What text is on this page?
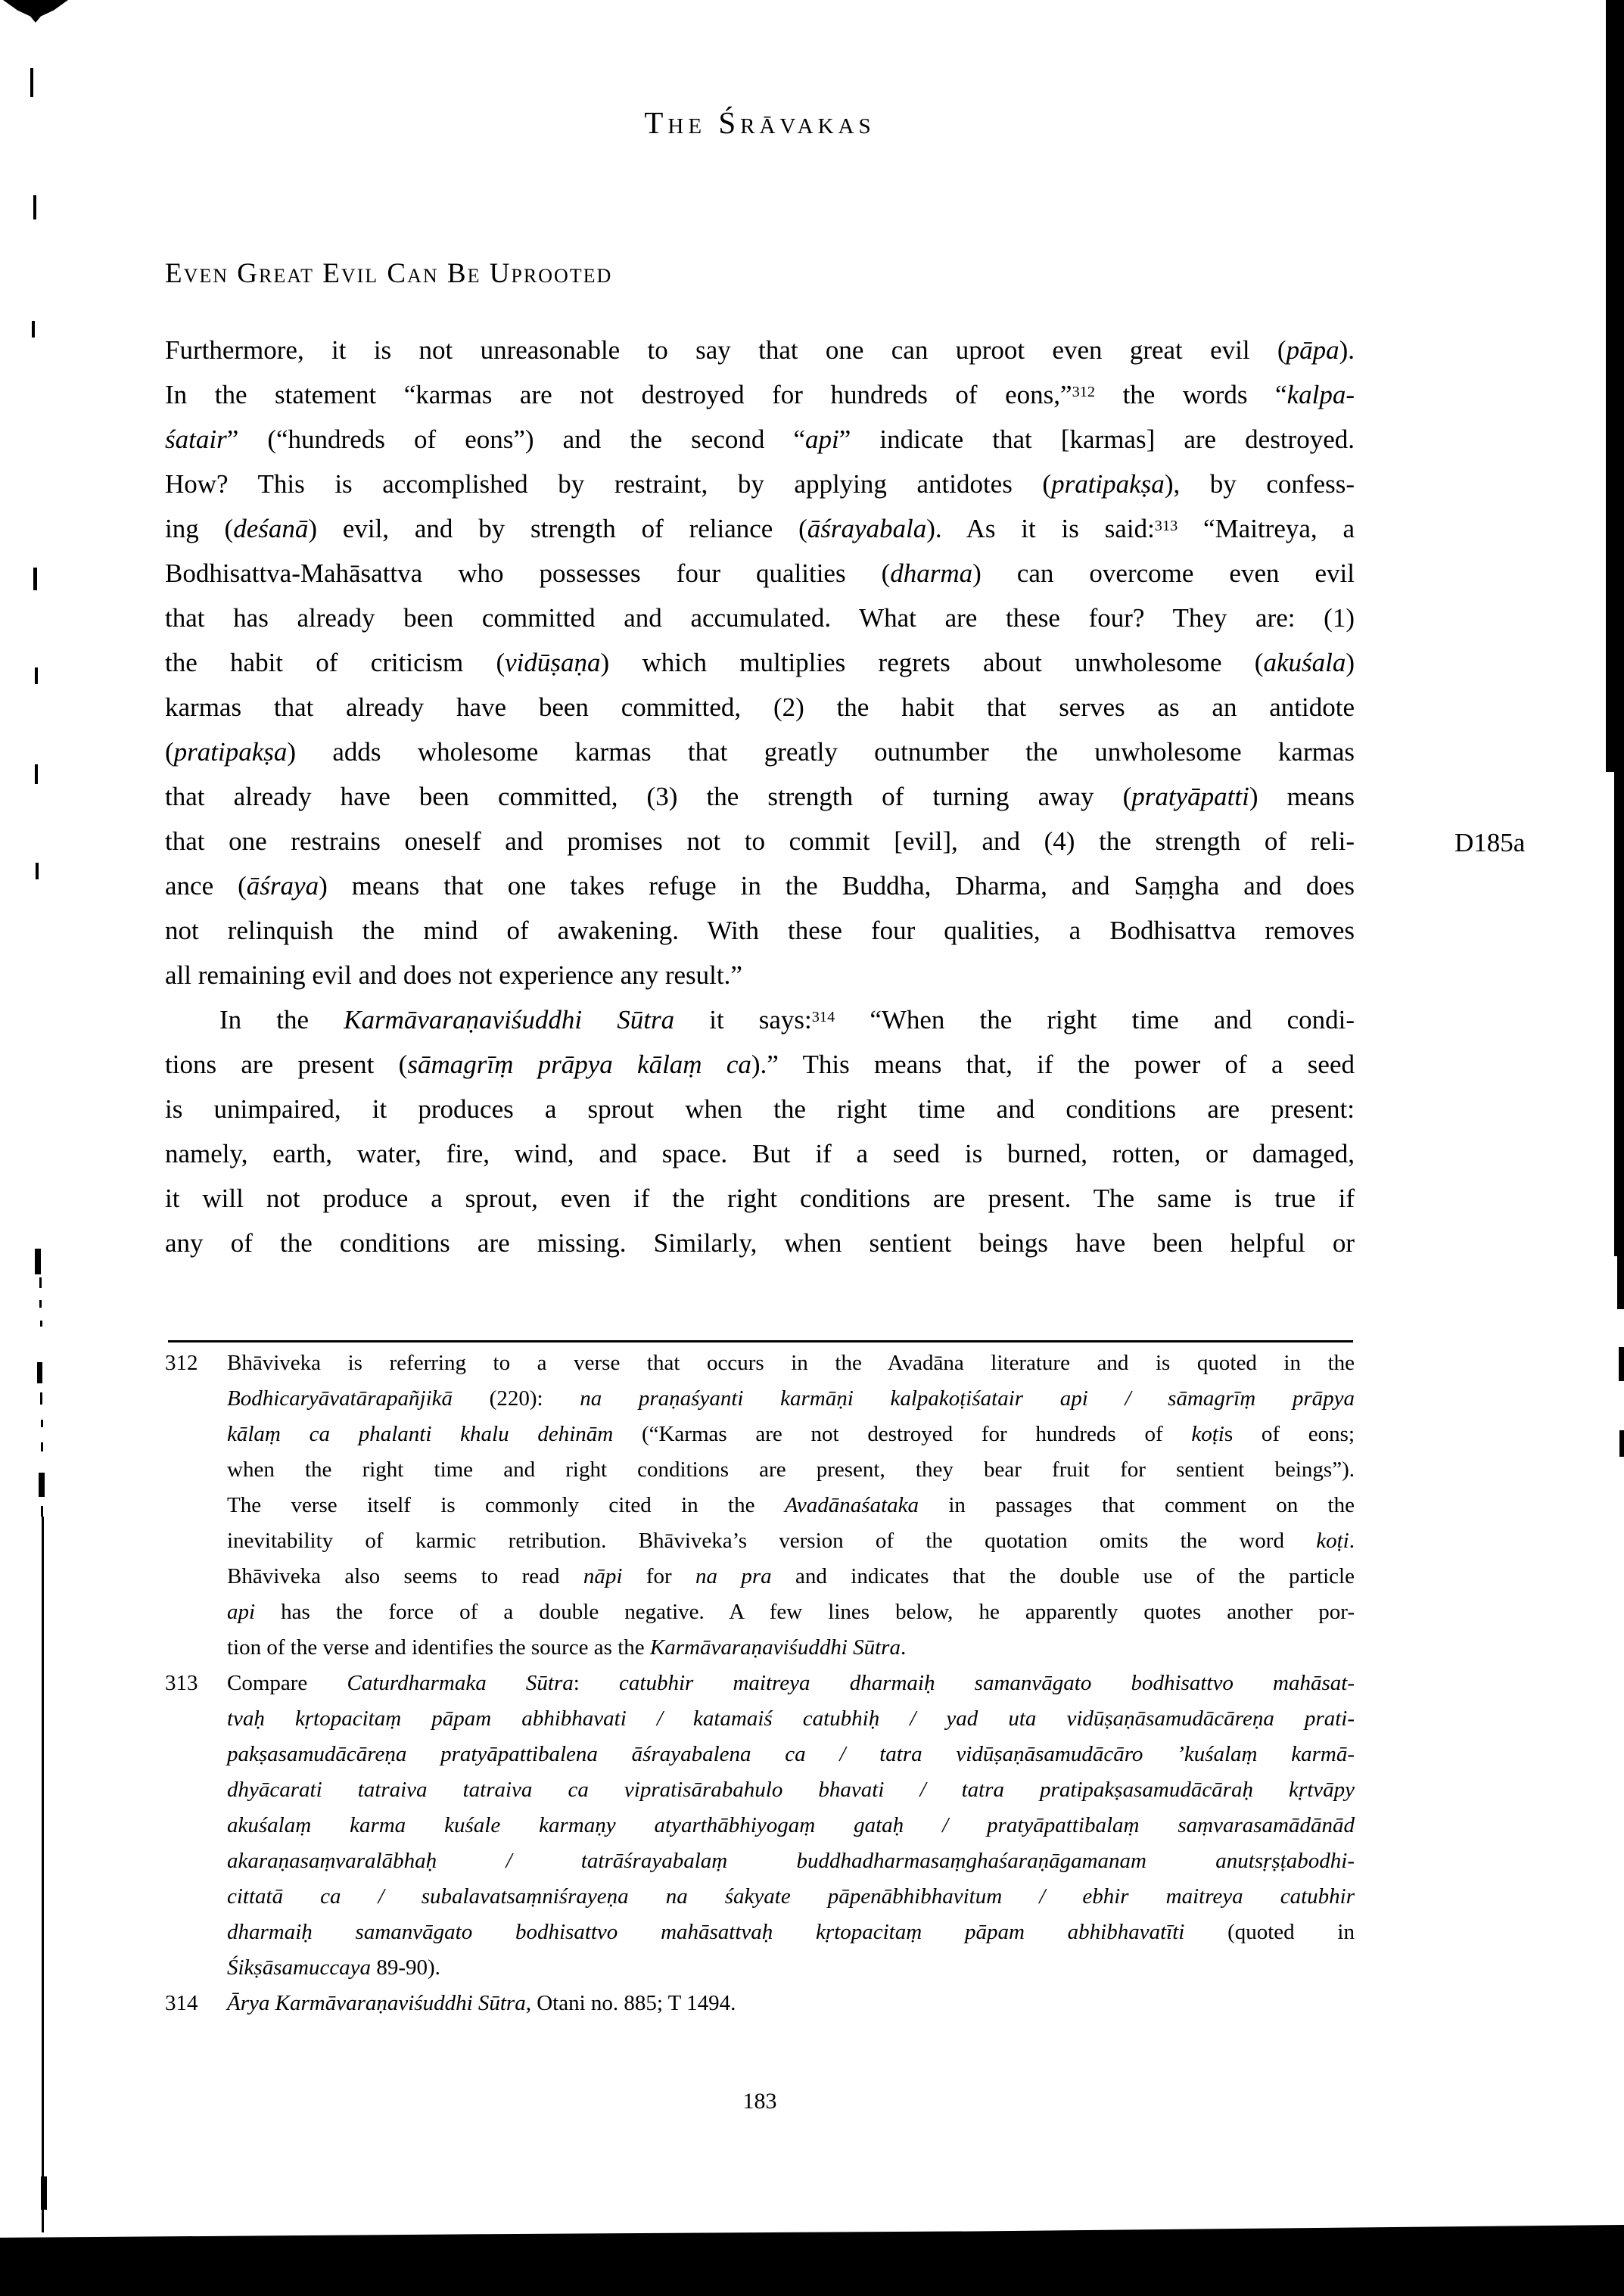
The Śrāvakas
Even Great Evil Can Be Uprooted
Furthermore, it is not unreasonable to say that one can uproot even great evil (pāpa).
In the statement “karmas are not destroyed for hundreds of eons,”$^{312}$ the words “kalpa-
śatair” (“hundreds of eons”) and the second “api” indicate that [karmas] are destroyed.
How? This is accomplished by restraint, by applying antidotes (pratipakṣa), by confess-
ing (deśanā) evil, and by strength of reliance (āśrayabala). As it is said:$^{313}$ “Maitreya, a
Bodhisattva-Mahāsattva who possesses four qualities (dharma) can overcome even evil
that has already been committed and accumulated. What are these four? They are: (1)
the habit of criticism (vidūṣaṇa) which multiplies regrets about unwholesome (akuśala)
karmas that already have been committed, (2) the habit that serves as an antidote
(pratipakṣa) adds wholesome karmas that greatly outnumber the unwholesome karmas
that already have been committed, (3) the strength of turning away (pratyāpatti) means
that one restrains oneself and promises not to commit [evil], and (4) the strength of reli-
ance (āśraya) means that one takes refuge in the Buddha, Dharma, and Saṃgha and does
not relinquish the mind of awakening. With these four qualities, a Bodhisattva removes
all remaining evil and does not experience any result.”
In the Karmāvaraṇaviśuddhi Sūtra it says:$^{314}$ “When the right time and condi-
tions are present (sāmagrīṃ prāpya kālaṃ ca).” This means that, if the power of a seed
is unimpaired, it produces a sprout when the right time and conditions are present:
namely, earth, water, fire, wind, and space. But if a seed is burned, rotten, or damaged,
it will not produce a sprout, even if the right conditions are present. The same is true if
any of the conditions are missing. Similarly, when sentient beings have been helpful or
D185a
312 Bhāviveka is referring to a verse that occurs in the Avadāna literature and is quoted in the
Bodhicaryāvatārapañjikā (220): na praṇaśyanti karmāṇi kalpakoṭiśatair api / sāmagrīṃ prāpya
kālaṃ ca phalanti khalu dehinām (“Karmas are not destroyed for hundreds of koṭis of eons;
when the right time and right conditions are present, they bear fruit for sentient beings”).
The verse itself is commonly cited in the Avadānaśataka in passages that comment on the
inevitability of karmic retribution. Bhāviveka’s version of the quotation omits the word koṭi.
Bhāviveka also seems to read nāpi for na pra and indicates that the double use of the particle
api has the force of a double negative. A few lines below, he apparently quotes another por-
tion of the verse and identifies the source as the Karmāvaraṇaviśuddhi Sūtra.
313 Compare Caturdharmaka Sūtra: catubhir maitreya dharmaiḥ samanvāgato bodhisattvo mahāsat-
tvaḥ kṛtopacitaṃ pāpam abhibhavati / katamaiś catubhiḥ / yad uta vidūṣaṇāsamudācāreṇa prati-
pakṣasamudācāreṇa pratyāpattibalena āśrayabalena ca / tatra vidūṣaṇāsamudācāro ’kuśalaṃ karmā-
dhyācarati tatraiva tatraiva ca vipratisārabahulo bhavati / tatra pratipakṣasamudācāraḥ kṛtvāpy
akuśalaṃ karma kuśale karmaṇy atyarthābhiyogaṃ gataḥ / pratyāpattibalaṃ saṃvarasamādānād
akaraṇasaṃvaralābhaḥ / tatrāśrayabalaṃ buddhadharmasaṃghaśaraṇāgamanam anutsṛṣṭabodhi-
cittatā ca / subalavatsaṃniśrayeṇa na śakyate pāpenābhibhavitum / ebhir maitreya catubhir
dharmaiḥ samanvāgato bodhisattvo mahāsattvaḥ kṛtopacitaṃ pāpam abhibhavatīti (quoted in
Śikṣāsamuccaya 89-90).
314 Ārya Karmāvaraṇaviśuddhi Sūtra, Otani no. 885; T 1494.
183
